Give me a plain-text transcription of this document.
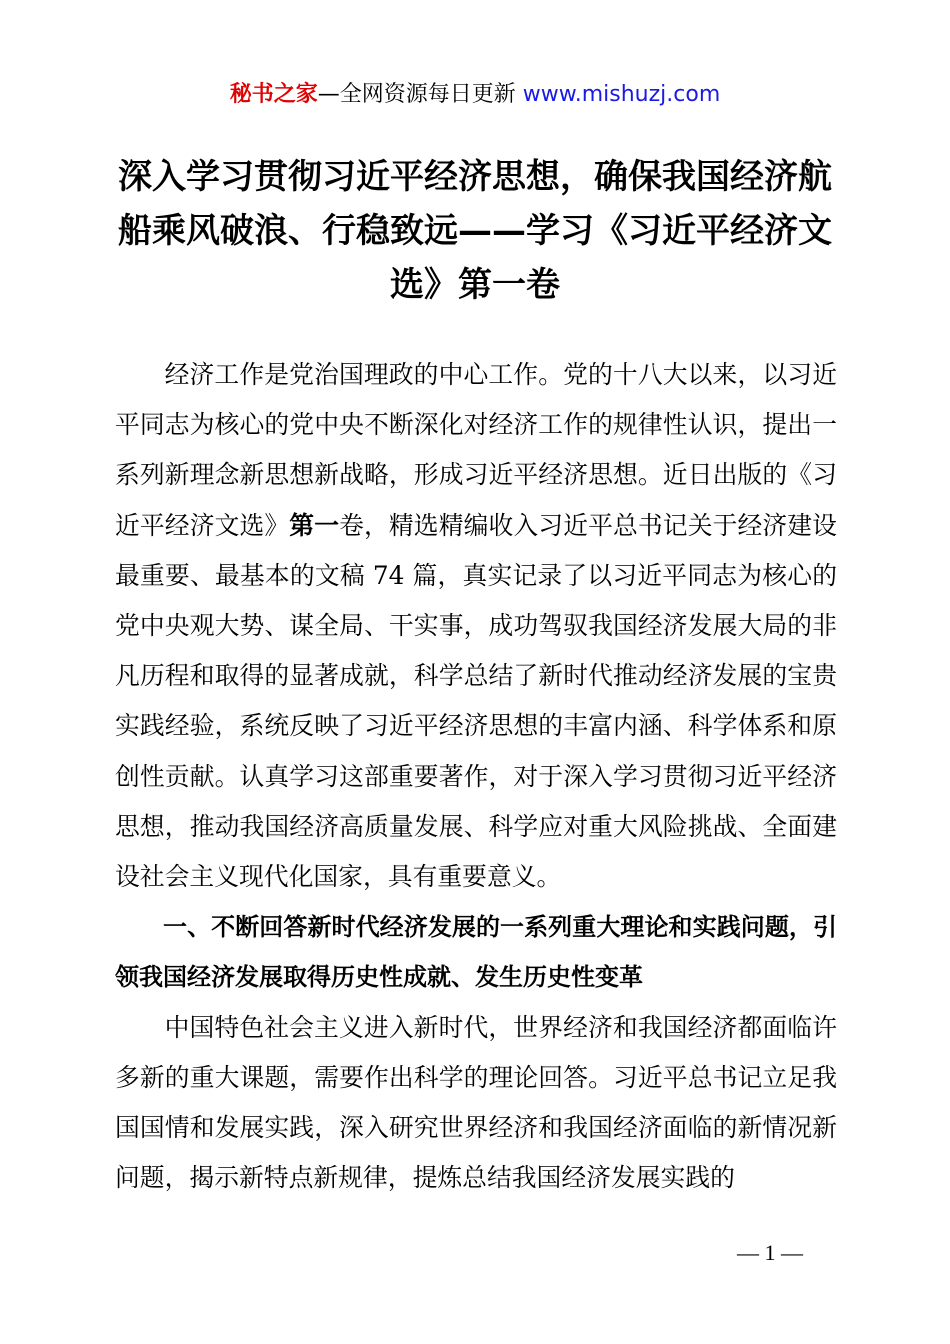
秘书之家—全网资源每日更新 www.mishuzj.com
深入学习贯彻习近平经济思想，确保我国经济航船乘风破浪、行稳致远——学习《习近平经济文选》第一卷

经济工作是党治国理政的中心工作。党的十八大以来，以习近平同志为核心的党中央不断深化对经济工作的规律性认识，提出一系列新理念新思想新战略，形成习近平经济思想。近日出版的《习近平经济文选》第一卷，精选精编收入习近平总书记关于经济建设最重要、最基本的文稿 74 篇，真实记录了以习近平同志为核心的党中央观大势、谋全局、干实事，成功驾驭我国经济发展大局的非凡历程和取得的显著成就，科学总结了新时代推动经济发展的宝贵实践经验，系统反映了习近平经济思想的丰富内涵、科学体系和原创性贡献。认真学习这部重要著作，对于深入学习贯彻习近平经济思想，推动我国经济高质量发展、科学应对重大风险挑战、全面建设社会主义现代化国家，具有重要意义。

一、不断回答新时代经济发展的一系列重大理论和实践问题，引领我国经济发展取得历史性成就、发生历史性变革

中国特色社会主义进入新时代，世界经济和我国经济都面临许多新的重大课题，需要作出科学的理论回答。习近平总书记立足我国国情和发展实践，深入研究世界经济和我国经济面临的新情况新问题，揭示新特点新规律，提炼总结我国经济发展实践的

— 1 —
